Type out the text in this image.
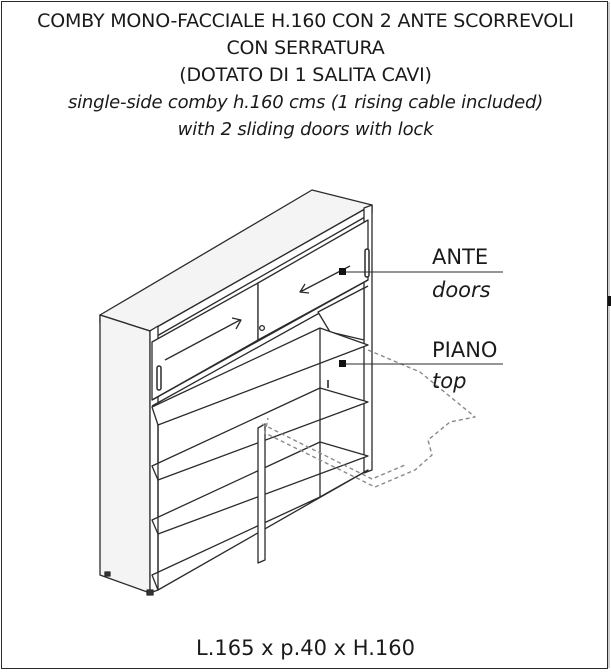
COMBY MONO-FACCIALE H.160 CON 2 ANTE SCORREVOLI
CON SERRATURA
(DOTATO DI 1 SALITA CAVI)
single-side comby h.160 cms (1 rising cable included)
with 2 sliding doors with lock
ANTE
doors
PIANO
top
L.165 x p.40 x H.160
